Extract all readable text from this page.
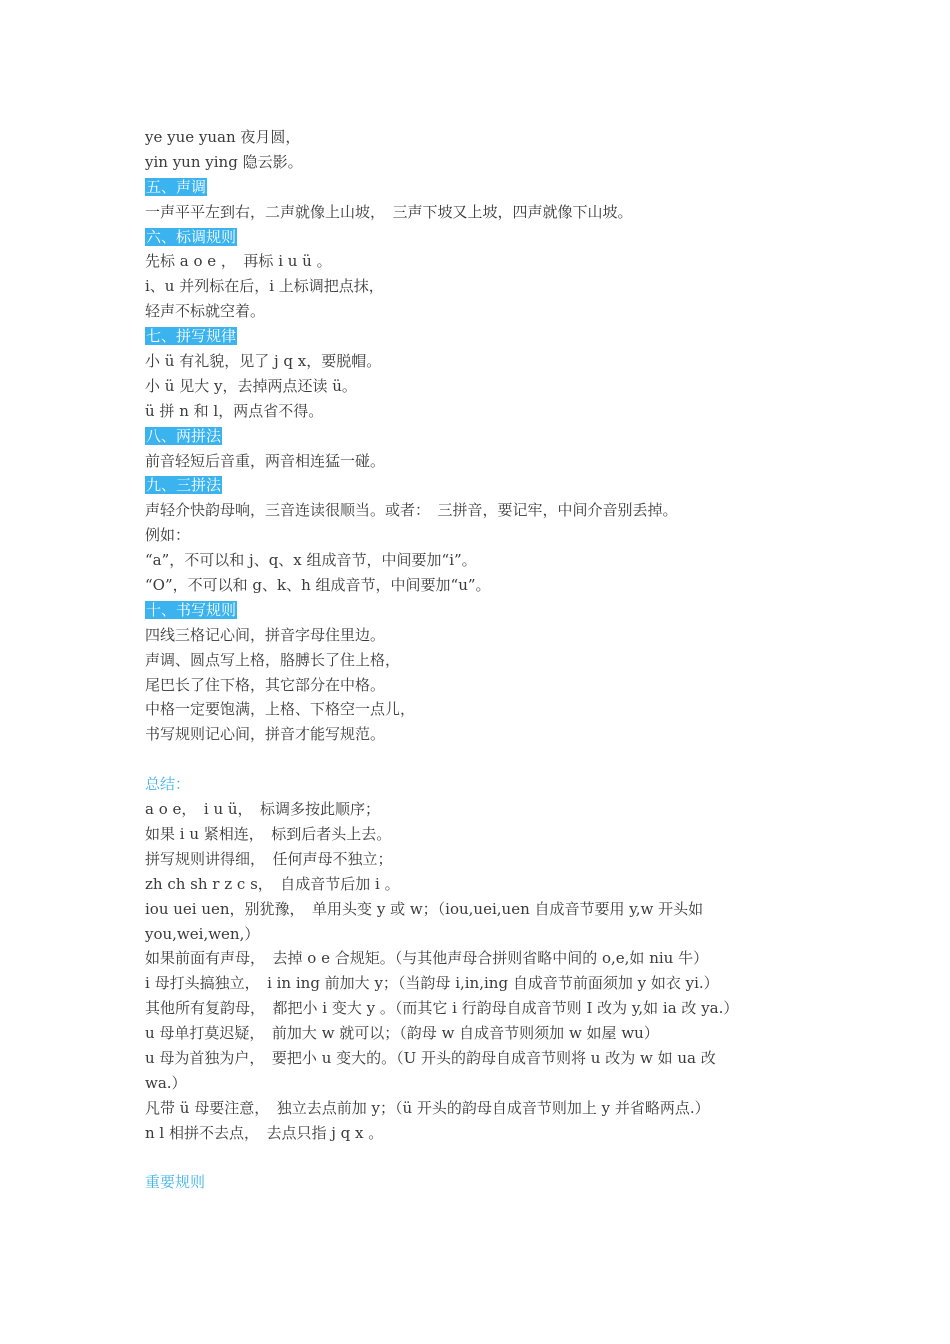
ye yue yuan 夜月圆，
yin yun ying 隐云影。
五、声调
一声平平左到右，二声就像上山坡，　三声下坡又上坡，四声就像下山坡。
六、标调规则
先标 a o e ，　再标 i u ü 。
i、u 并列标在后，i 上标调把点抹，
轻声不标就空着。
七、拼写规律
小 ü 有礼貌，见了 j q x，要脱帽。
小 ü 见大 y，去掉两点还读 ü。
ü 拼 n 和 l，两点省不得。
八、两拼法
前音轻短后音重，两音相连猛一碰。
九、三拼法
声轻介快韵母响，三音连读很顺当。或者：　三拼音，要记牢，中间介音别丢掉。
例如：
“a”，不可以和 j、q、x 组成音节，中间要加“i”。
“O”，不可以和 g、k、h 组成音节，中间要加“u”。
十、书写规则
四线三格记心间，拼音字母住里边。
声调、圆点写上格，胳膊长了住上格，
尾巴长了住下格，其它部分在中格。
中格一定要饱满，上格、下格空一点儿，
书写规则记心间，拼音才能写规范。
总结：
a o e，　i u ü，　标调多按此顺序；
如果 i u 紧相连，　标到后者头上去。
拼写规则讲得细，　任何声母不独立；
zh ch sh r z c s，　自成音节后加 i 。
iou uei uen，别犹豫，　单用头变 y 或 w；（iou,uei,uen 自成音节要用 y,w 开头如
you,wei,wen,）
如果前面有声母，　去掉 o e 合规矩。（与其他声母合拼则省略中间的 o,e,如 niu 牛）
i 母打头搞独立，　i in ing 前加大 y；（当韵母 i,in,ing 自成音节前面须加 y 如衣 yi.）
其他所有复韵母，　都把小 i 变大 y 。（而其它 i 行韵母自成音节则 I 改为 y,如 ia 改 ya.）
u 母单打莫迟疑，　前加大 w 就可以；（韵母 w 自成音节则须加 w 如屋 wu）
u 母为首独为户，　要把小 u 变大的。（U 开头的韵母自成音节则将 u 改为 w 如 ua 改
wa.）
凡带 ü 母要注意，　独立去点前加 y；（ü 开头的韵母自成音节则加上 y 并省略两点.）
n l 相拼不去点，　去点只指 j q x 。
重要规则
